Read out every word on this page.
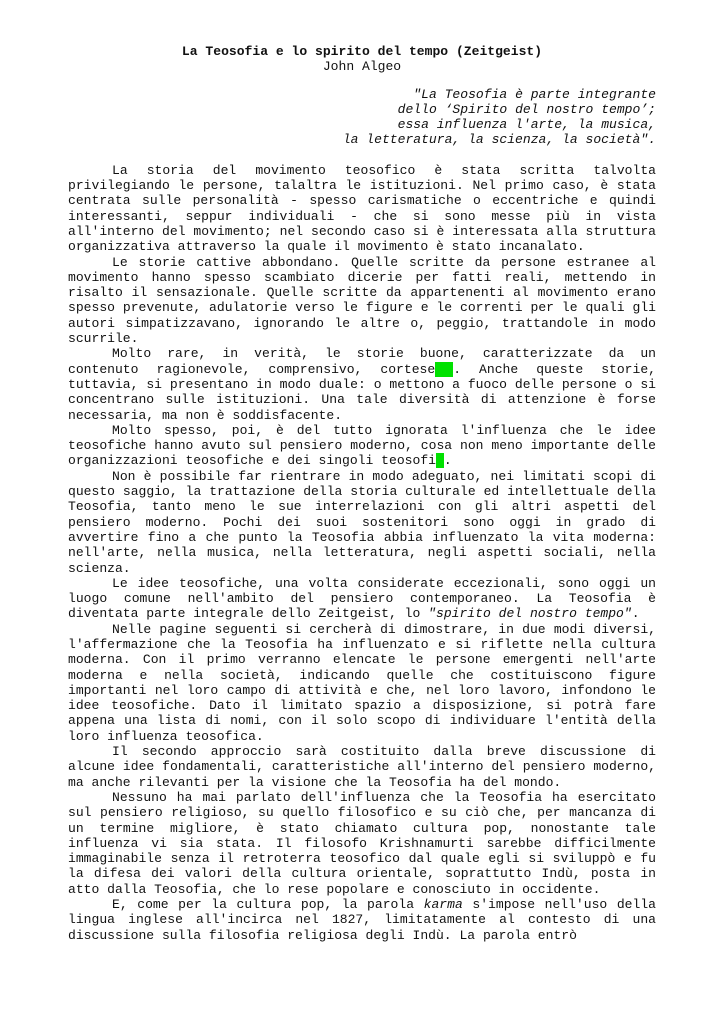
La Teosofia e lo spirito del tempo (Zeitgeist)
John Algeo
"La Teosofia è parte integrante
dello ‘Spirito del nostro tempo’;
essa influenza l'arte, la musica,
la letteratura, la scienza, la società".

La storia del movimento teosofico è stata scritta talvolta privilegiando le persone, talaltra le istituzioni. Nel primo caso, è stata centrata sulle personalità - spesso carismatiche o eccentriche e quindi interessanti, seppur individuali - che si sono messe più in vista all'interno del movimento; nel secondo caso si è interessata alla struttura organizzativa attraverso la quale il movimento è stato incanalato.

Le storie cattive abbondano. Quelle scritte da persone estranee al movimento hanno spesso scambiato dicerie per fatti reali, mettendo in risalto il sensazionale. Quelle scritte da appartenenti al movimento erano spesso prevenute, adulatorie verso le figure e le correnti per le quali gli autori simpatizzavano, ignorando le altre o, peggio, trattandole in modo scurrile.

Molto rare, in verità, le storie buone, caratterizzate da un contenuto ragionevole, comprensivo, cortese . Anche queste storie, tuttavia, si presentano in modo duale: o mettono a fuoco delle persone o si concentrano sulle istituzioni. Una tale diversità di attenzione è forse necessaria, ma non è soddisfacente.

Molto spesso, poi, è del tutto ignorata l'influenza che le idee teosofiche hanno avuto sul pensiero moderno, cosa non meno importante delle organizzazioni teosofiche e dei singoli teosofi .

Non è possibile far rientrare in modo adeguato, nei limitati scopi di questo saggio, la trattazione della storia culturale ed intellettuale della Teosofia, tanto meno le sue interrelazioni con gli altri aspetti del pensiero moderno. Pochi dei suoi sostenitori sono oggi in grado di avvertire fino a che punto la Teosofia abbia influenzato la vita moderna: nell'arte, nella musica, nella letteratura, negli aspetti sociali, nella scienza.

Le idee teosofiche, una volta considerate eccezionali, sono oggi un luogo comune nell'ambito del pensiero contemporaneo. La Teosofia è diventata parte integrale dello Zeitgeist, lo "spirito del nostro tempo".

Nelle pagine seguenti si cercherà di dimostrare, in due modi diversi, l'affermazione che la Teosofia ha influenzato e si riflette nella cultura moderna. Con il primo verranno elencate le persone emergenti nell'arte moderna e nella società, indicando quelle che costituiscono figure importanti nel loro campo di attività e che, nel loro lavoro, infondono le idee teosofiche. Dato il limitato spazio a disposizione, si potrà fare appena una lista di nomi, con il solo scopo di individuare l'entità della loro influenza teosofica.

Il secondo approccio sarà costituito dalla breve discussione di alcune idee fondamentali, caratteristiche all'interno del pensiero moderno, ma anche rilevanti per la visione che la Teosofia ha del mondo.

Nessuno ha mai parlato dell'influenza che la Teosofia ha esercitato sul pensiero religioso, su quello filosofico e su ciò che, per mancanza di un termine migliore, è stato chiamato cultura pop, nonostante tale influenza vi sia stata. Il filosofo Krishnamurti sarebbe difficilmente immaginabile senza il retroterra teosofico dal quale egli si sviluppò e fu la difesa dei valori della cultura orientale, soprattutto Indù, posta in atto dalla Teosofia, che lo rese popolare e conosciuto in occidente.

E, come per la cultura pop, la parola karma s'impose nell'uso della lingua inglese all'incirca nel 1827, limitatamente al contesto di una discussione sulla filosofia religiosa degli Indù. La parola entrò
